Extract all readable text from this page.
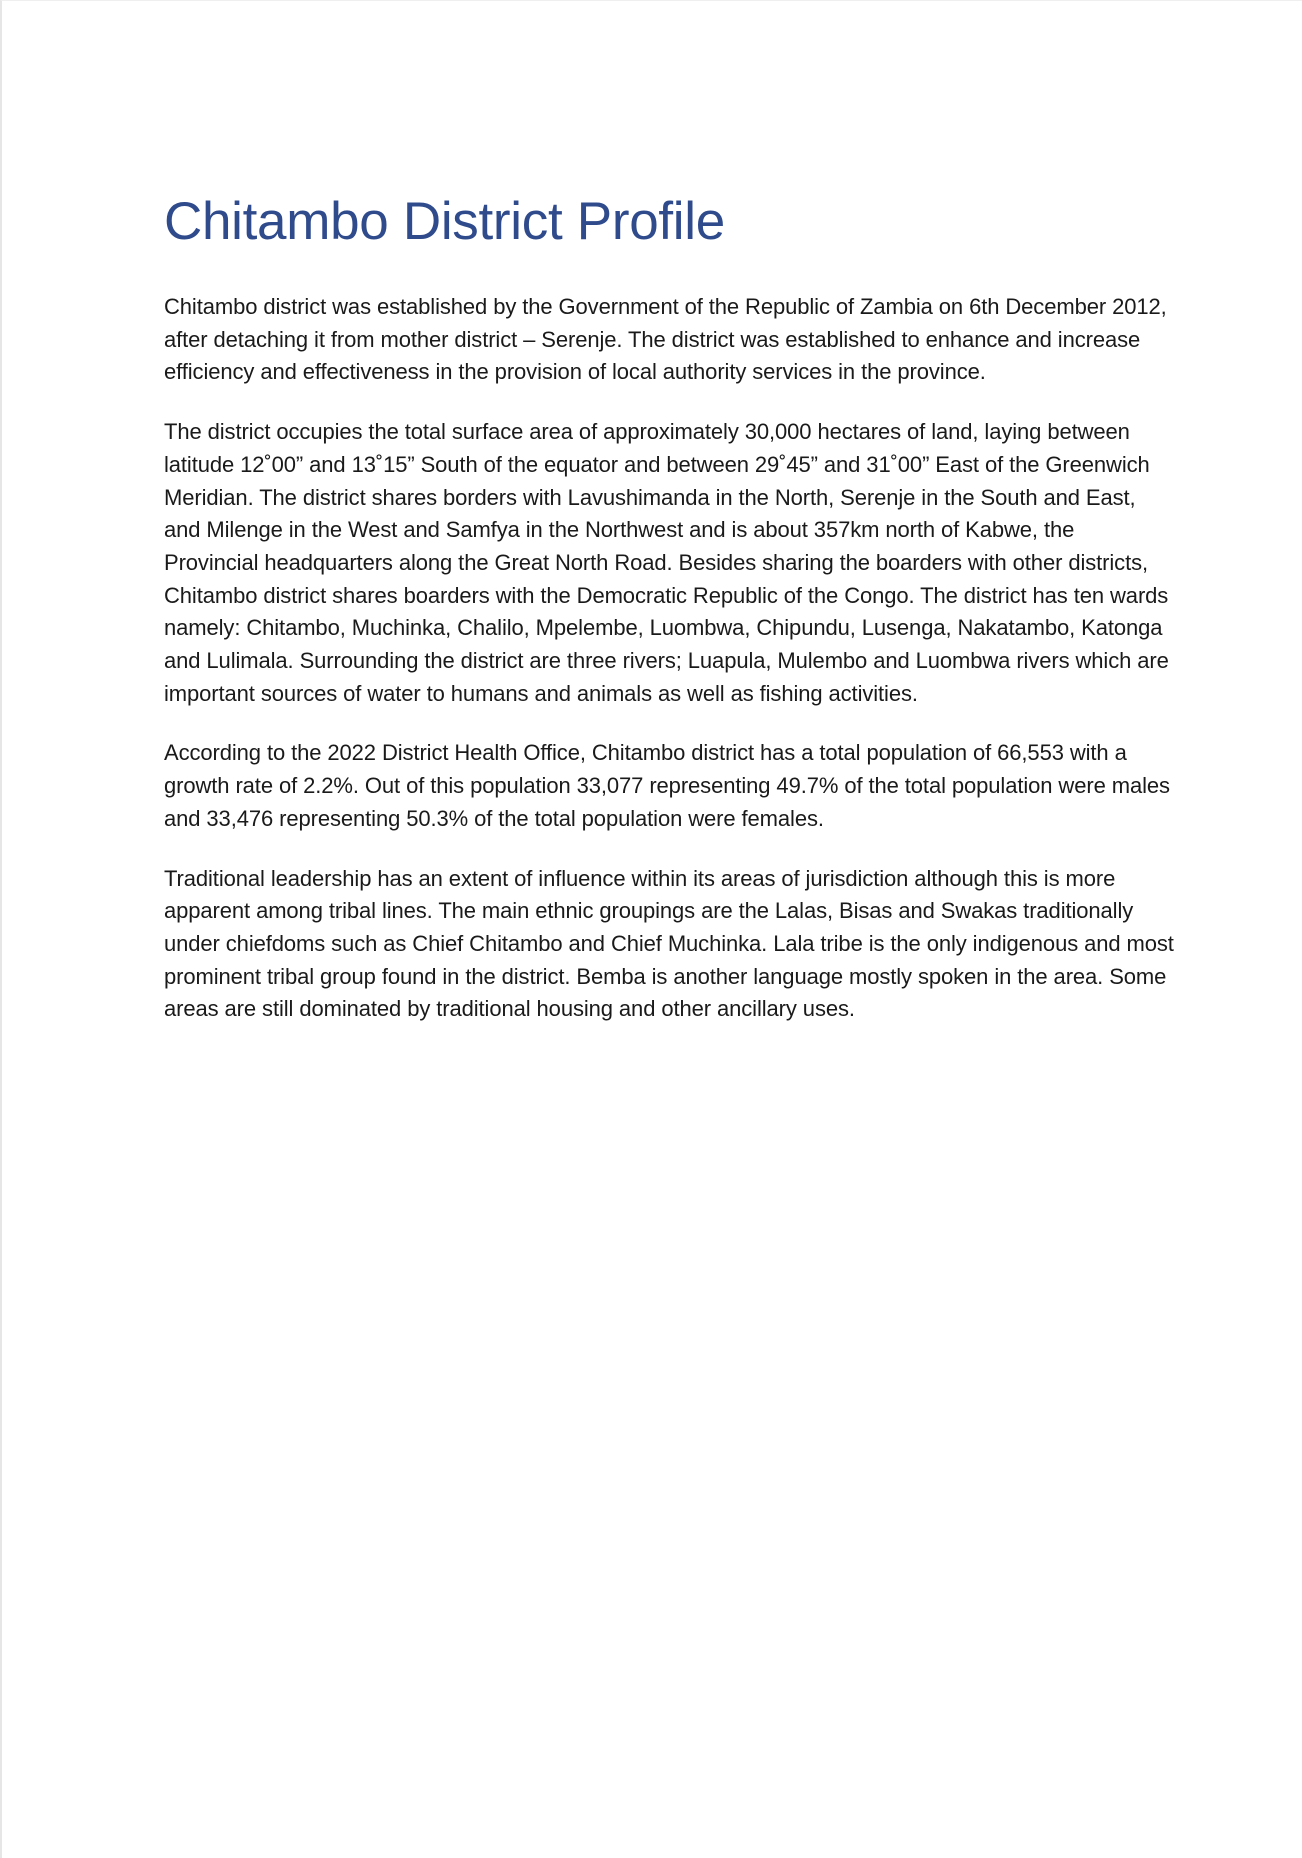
Chitambo District Profile

Chitambo district was established by the Government of the Republic of Zambia on 6th December 2012, after detaching it from mother district – Serenje. The district was established to enhance and increase efficiency and effectiveness in the provision of local authority services in the province.

The district occupies the total surface area of approximately 30,000 hectares of land, laying between latitude 12˚00” and 13˚15” South of the equator and between 29˚45” and 31˚00” East of the Greenwich Meridian. The district shares borders with Lavushimanda in the North, Serenje in the South and East, and Milenge in the West and Samfya in the Northwest and is about 357km north of Kabwe, the Provincial headquarters along the Great North Road. Besides sharing the boarders with other districts, Chitambo district shares boarders with the Democratic Republic of the Congo. The district has ten wards namely: Chitambo, Muchinka, Chalilo, Mpelembe, Luombwa, Chipundu, Lusenga, Nakatambo, Katonga and Lulimala. Surrounding the district are three rivers; Luapula, Mulembo and Luombwa rivers which are important sources of water to humans and animals as well as fishing activities.

According to the 2022 District Health Office, Chitambo district has a total population of 66,553 with a growth rate of 2.2%. Out of this population 33,077 representing 49.7% of the total population were males and 33,476 representing 50.3% of the total population were females.

Traditional leadership has an extent of influence within its areas of jurisdiction although this is more apparent among tribal lines. The main ethnic groupings are the Lalas, Bisas and Swakas traditionally under chiefdoms such as Chief Chitambo and Chief Muchinka. Lala tribe is the only indigenous and most prominent tribal group found in the district. Bemba is another language mostly spoken in the area. Some areas are still dominated by traditional housing and other ancillary uses.
